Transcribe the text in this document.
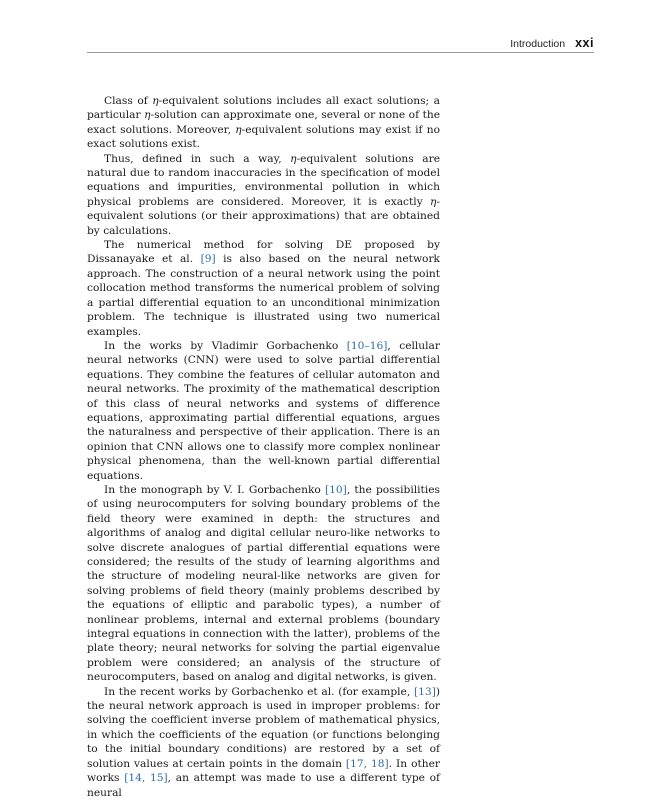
Introduction xxi

Class of η-equivalent solutions includes all exact solutions; a particular η-solution can approximate one, several or none of the exact solutions. Moreover, η-equivalent solutions may exist if no exact solutions exist.

Thus, defined in such a way, η-equivalent solutions are natural due to random inaccuracies in the specification of model equations and impurities, environmental pollution in which physical problems are considered. Moreover, it is exactly η-equivalent solutions (or their approximations) that are obtained by calculations.

The numerical method for solving DE proposed by Dissanayake et al. [9] is also based on the neural network approach. The construction of a neural network using the point collocation method transforms the numerical problem of solving a partial differential equation to an unconditional minimization problem. The technique is illustrated using two numerical examples.

In the works by Vladimir Gorbachenko [10–16], cellular neural networks (CNN) were used to solve partial differential equations. They combine the features of cellular automaton and neural networks. The proximity of the mathematical description of this class of neural networks and systems of difference equations, approximating partial differential equations, argues the naturalness and perspective of their application. There is an opinion that CNN allows one to classify more complex nonlinear physical phenomena, than the well-known partial differential equations.

In the monograph by V. I. Gorbachenko [10], the possibilities of using neurocomputers for solving boundary problems of the field theory were examined in depth: the structures and algorithms of analog and digital cellular neuro-like networks to solve discrete analogues of partial differential equations were considered; the results of the study of learning algorithms and the structure of modeling neural-like networks are given for solving problems of field theory (mainly problems described by the equations of elliptic and parabolic types), a number of nonlinear problems, internal and external problems (boundary integral equations in connection with the latter), problems of the plate theory; neural networks for solving the partial eigenvalue problem were considered; an analysis of the structure of neurocomputers, based on analog and digital networks, is given.

In the recent works by Gorbachenko et al. (for example, [13]) the neural network approach is used in improper problems: for solving the coefficient inverse problem of mathematical physics, in which the coefficients of the equation (or functions belonging to the initial boundary conditions) are restored by a set of solution values at certain points in the domain [17, 18]. In other works [14, 15], an attempt was made to use a different type of neural
